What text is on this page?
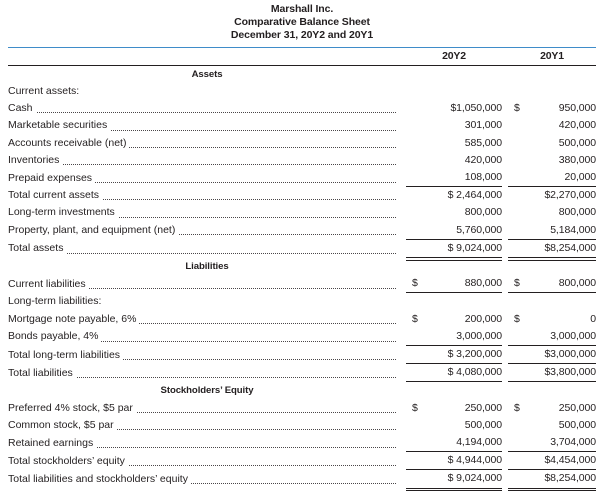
Marshall Inc.
Comparative Balance Sheet
December 31, 20Y2 and 20Y1
	20Y2		20Y1
Assets			
Current assets:			
Cash	$1,050,000		$ 950,000
Marketable securities	301,000		420,000
Accounts receivable (net)	585,000		500,000
Inventories	420,000		380,000
Prepaid expenses	108,000		20,000
Total current assets	$ 2,464,000		$2,270,000
Long-term investments	800,000		800,000
Property, plant, and equipment (net)	5,760,000		5,184,000
Total assets	$ 9,024,000		$8,254,000
Liabilities			
Current liabilities	$ 880,000		$ 800,000
Long-term liabilities:			
Mortgage note payable, 6%	$ 200,000		$ 0
Bonds payable, 4%	3,000,000		3,000,000
Total long-term liabilities	$ 3,200,000		$3,000,000
Total liabilities	$ 4,080,000		$3,800,000
Stockholders’ Equity			
Preferred 4% stock, $5 par	$ 250,000		$ 250,000
Common stock, $5 par	500,000		500,000
Retained earnings	4,194,000		3,704,000
Total stockholders’ equity	$ 4,944,000		$4,454,000
Total liabilities and stockholders’ equity	$ 9,024,000		$8,254,000
